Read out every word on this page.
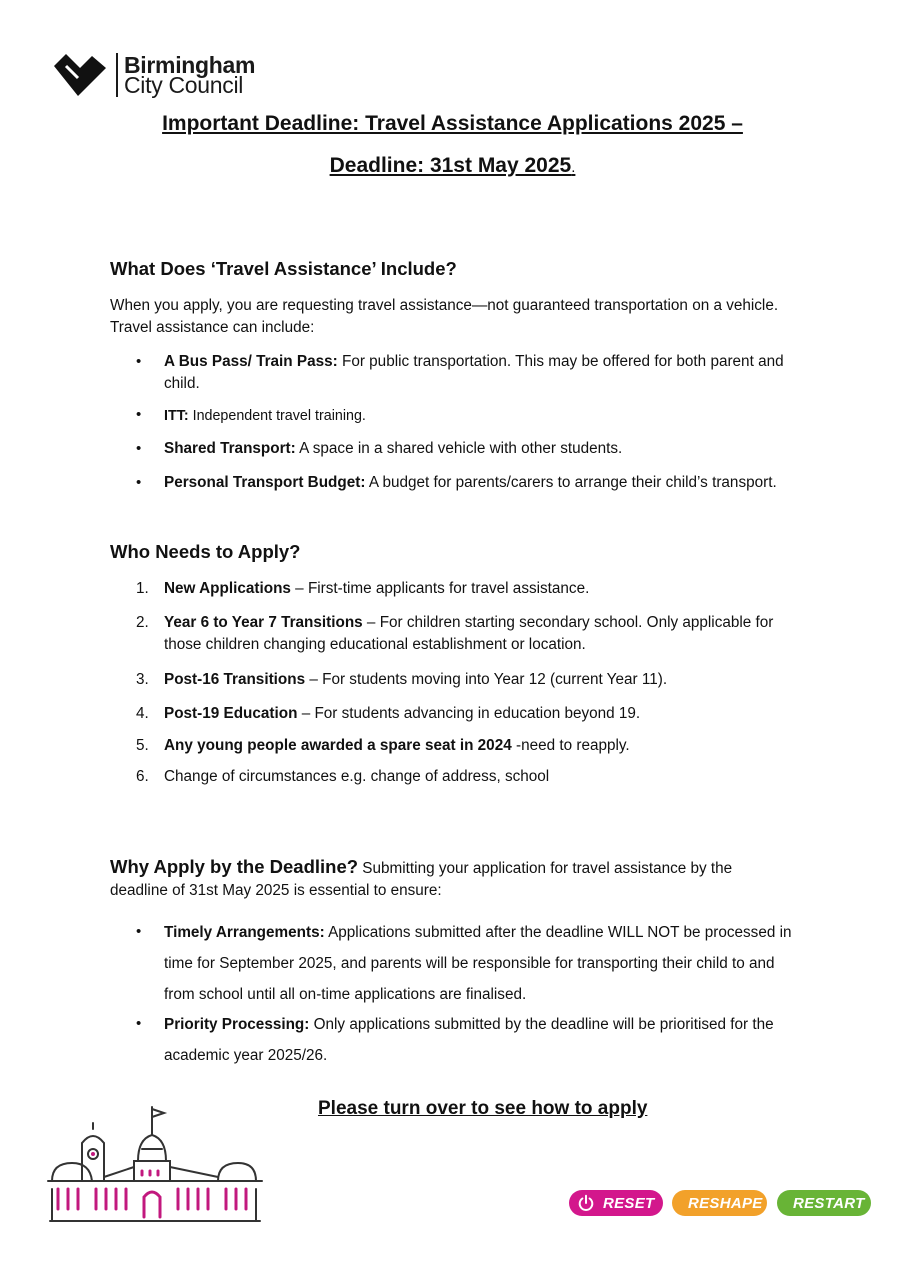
Birmingham
City Council
Important Deadline: Travel Assistance Applications 2025 –
Deadline: 31st May 2025.
What Does ‘Travel Assistance’ Include?

When you apply, you are requesting travel assistance—not guaranteed transportation on a vehicle.

Travel assistance can include:

•	A Bus Pass/ Train Pass: For public transportation. This may be offered for both parent and child.
•	ITT: Independent travel training.
•	Shared Transport: A space in a shared vehicle with other students.
•	Personal Transport Budget: A budget for parents/carers to arrange their child’s transport.
Who Needs to Apply?
1. New Applications – First-time applicants for travel assistance.
2. Year 6 to Year 7 Transitions – For children starting secondary school. Only applicable for those children changing educational establishment or location.
3. Post-16 Transitions – For students moving into Year 12 (current Year 11).
4. Post-19 Education – For students advancing in education beyond 19.
5. Any young people awarded a spare seat in 2024 -need to reapply.
6. Change of circumstances e.g. change of address, school

Why Apply by the Deadline? Submitting your application for travel assistance by the deadline of 31st May 2025 is essential to ensure:

•	Timely Arrangements: Applications submitted after the deadline WILL NOT be processed in time for September 2025, and parents will be responsible for transporting their child to and from school until all on-time applications are finalised.
•	Priority Processing: Only applications submitted by the deadline will be prioritised for the academic year 2025/26.
Please turn over to see how to apply
RESET RESHAPE RESTART
